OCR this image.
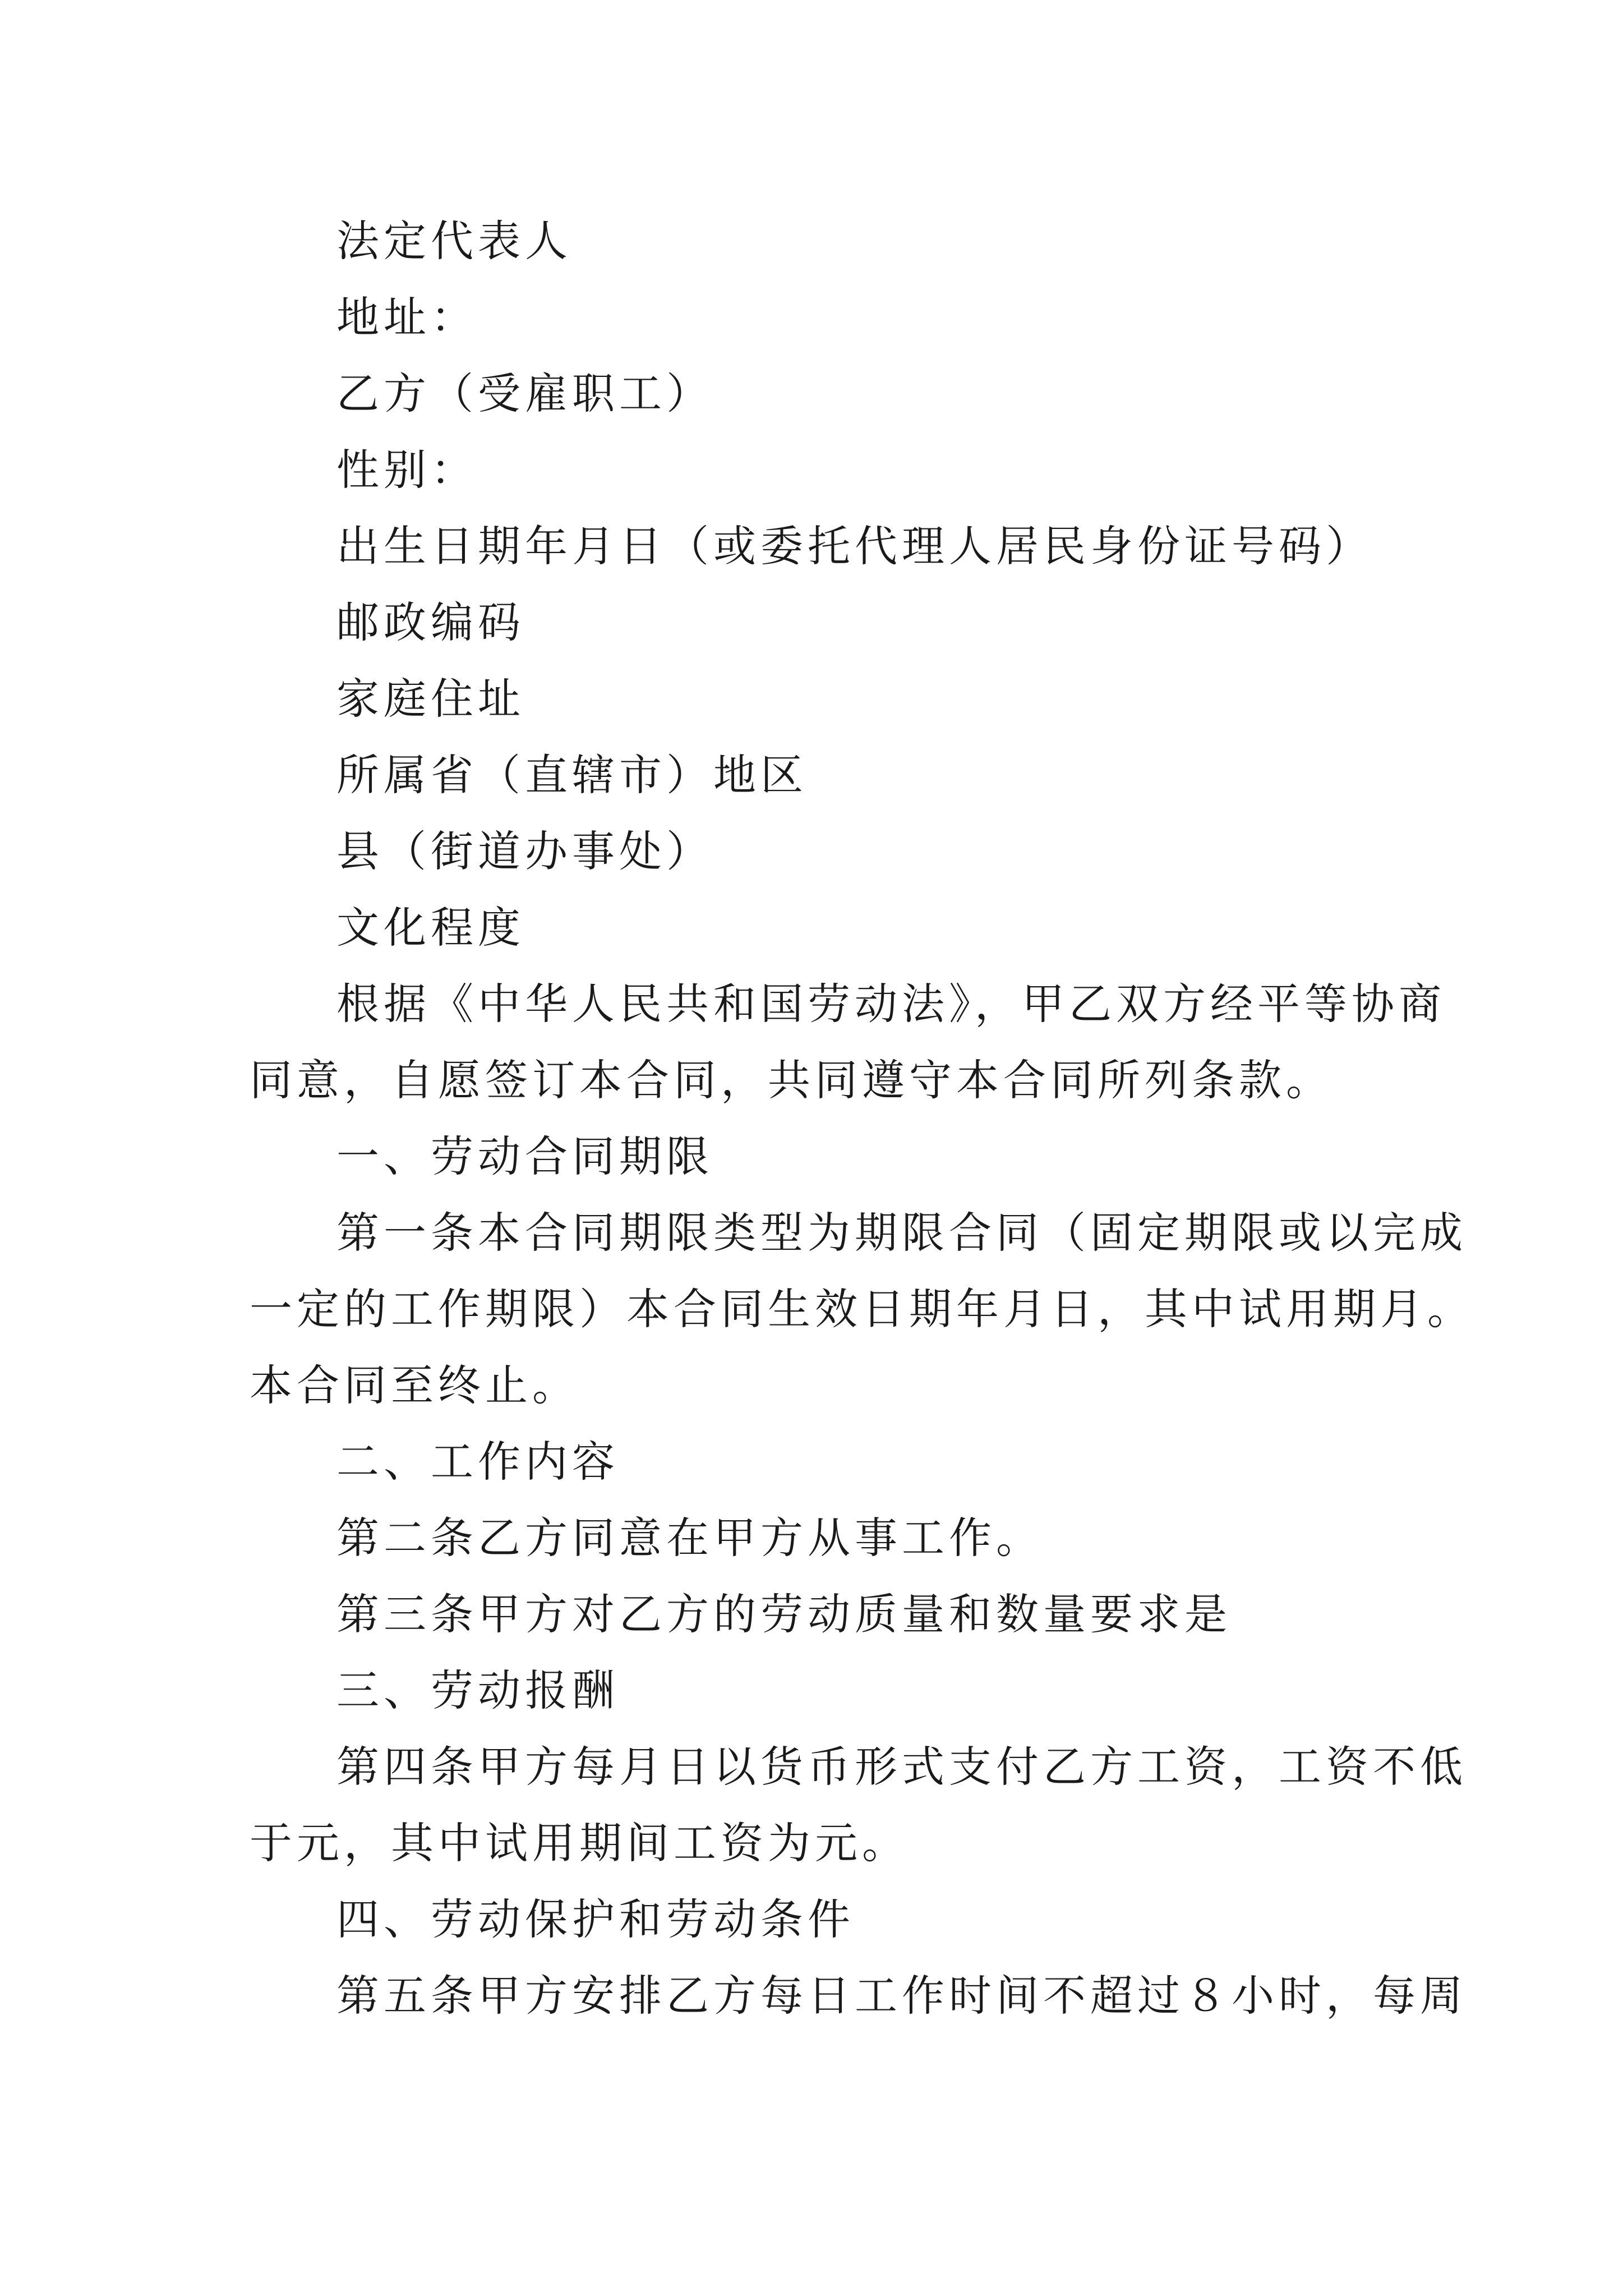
法定代表人

地址：

乙方（受雇职工）

性别：

出生日期年月日（或委托代理人居民身份证号码）

邮政编码

家庭住址

所属省（直辖市）地区

县（街道办事处）

文化程度

根据《中华人民共和国劳动法》，甲乙双方经平等协商

同意，自愿签订本合同，共同遵守本合同所列条款。

一、劳动合同期限

第一条本合同期限类型为期限合同（固定期限或以完成

一定的工作期限）本合同生效日期年月日，其中试用期月。

本合同至终止。

二、工作内容

第二条乙方同意在甲方从事工作。

第三条甲方对乙方的劳动质量和数量要求是

三、劳动报酬

第四条甲方每月日以货币形式支付乙方工资，工资不低

于元，其中试用期间工资为元。

四、劳动保护和劳动条件

第五条甲方安排乙方每日工作时间不超过８小时，每周
